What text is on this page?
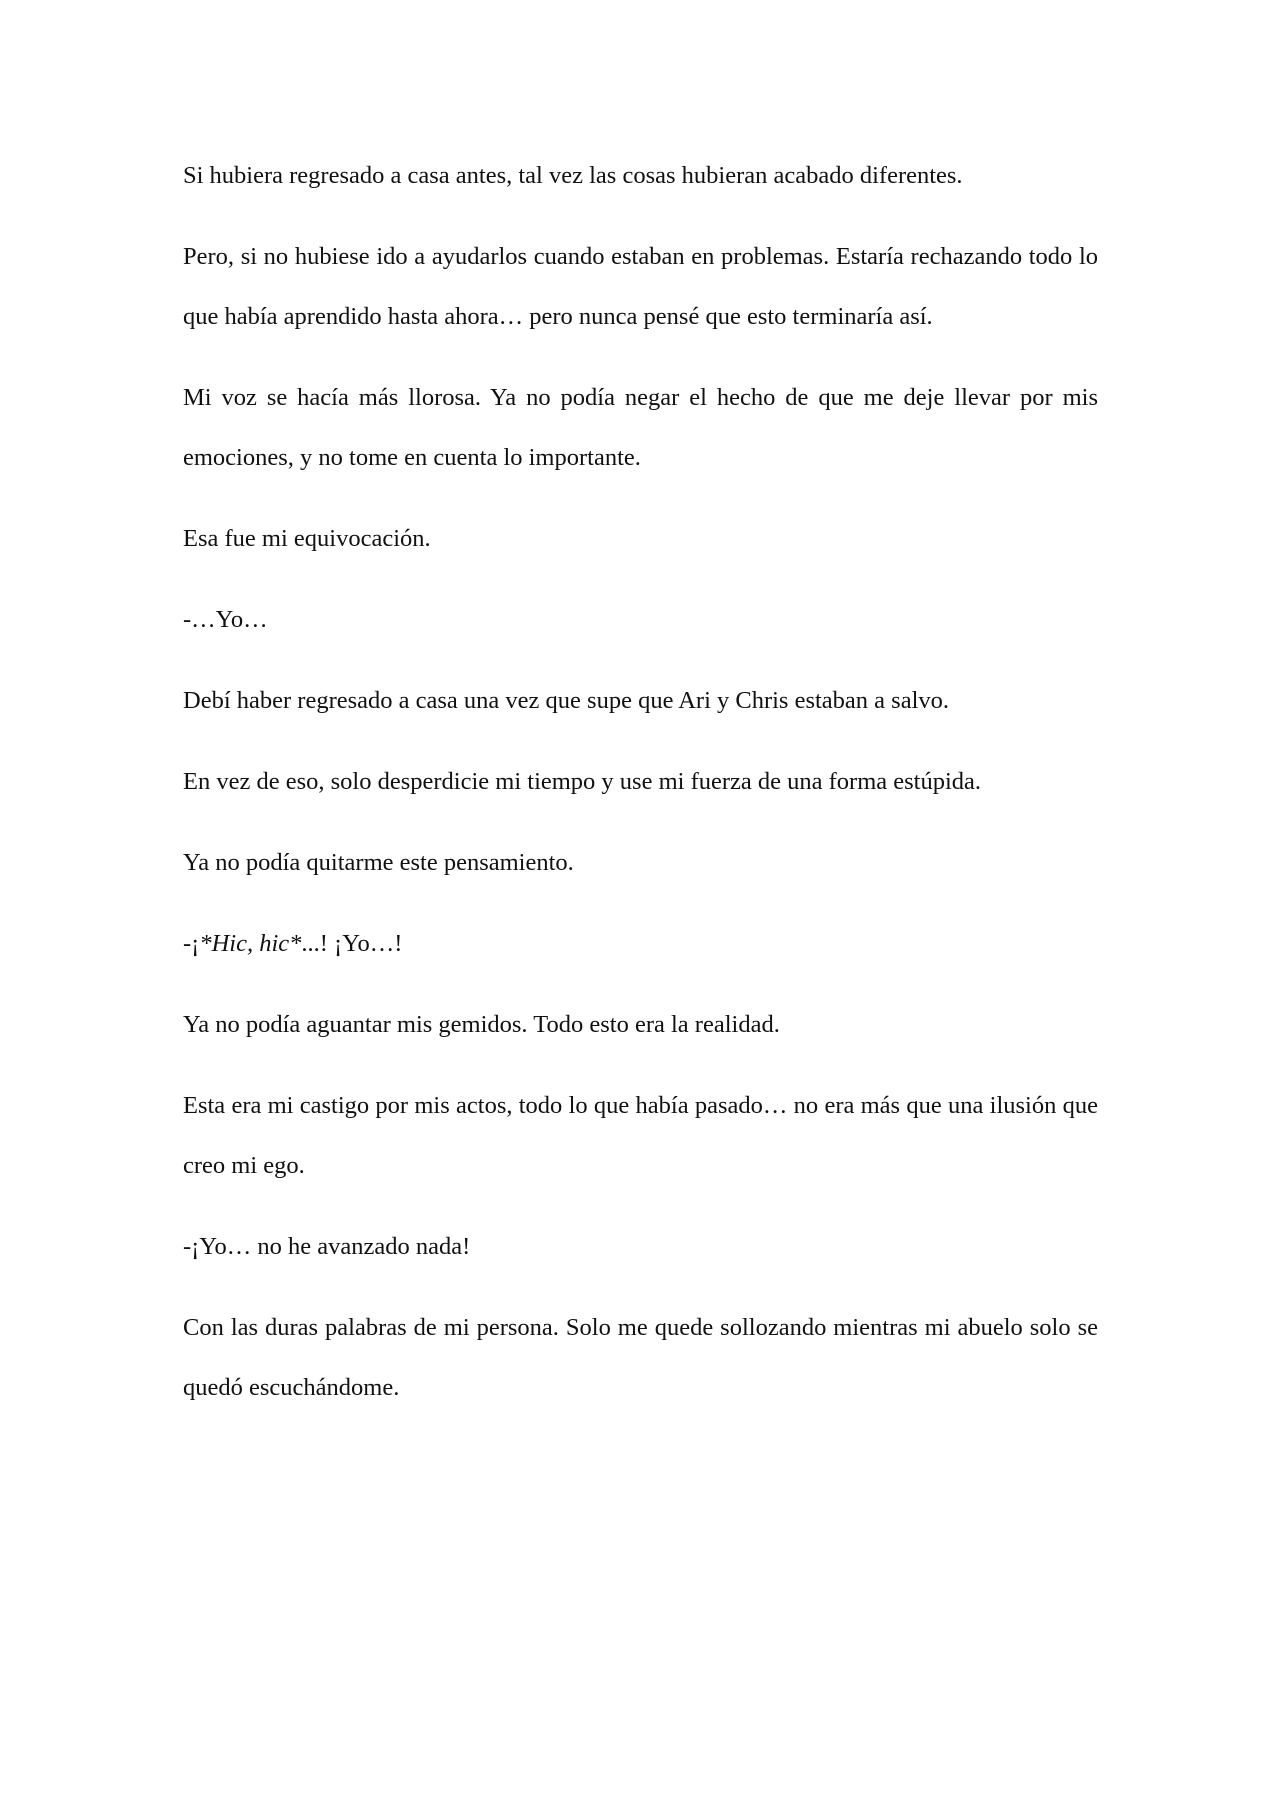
Si hubiera regresado a casa antes, tal vez las cosas hubieran acabado diferentes.

Pero, si no hubiese ido a ayudarlos cuando estaban en problemas. Estaría rechazando todo lo que había aprendido hasta ahora… pero nunca pensé que esto terminaría así.

Mi voz se hacía más llorosa. Ya no podía negar el hecho de que me deje llevar por mis emociones, y no tome en cuenta lo importante.

Esa fue mi equivocación.

-…Yo…

Debí haber regresado a casa una vez que supe que Ari y Chris estaban a salvo.

En vez de eso, solo desperdicie mi tiempo y use mi fuerza de una forma estúpida.

Ya no podía quitarme este pensamiento.

-¡*Hic, hic*...! ¡Yo…!

Ya no podía aguantar mis gemidos. Todo esto era la realidad.

Esta era mi castigo por mis actos, todo lo que había pasado… no era más que una ilusión que creo mi ego.

-¡Yo… no he avanzado nada!

Con las duras palabras de mi persona. Solo me quede sollozando mientras mi abuelo solo se quedó escuchándome.
